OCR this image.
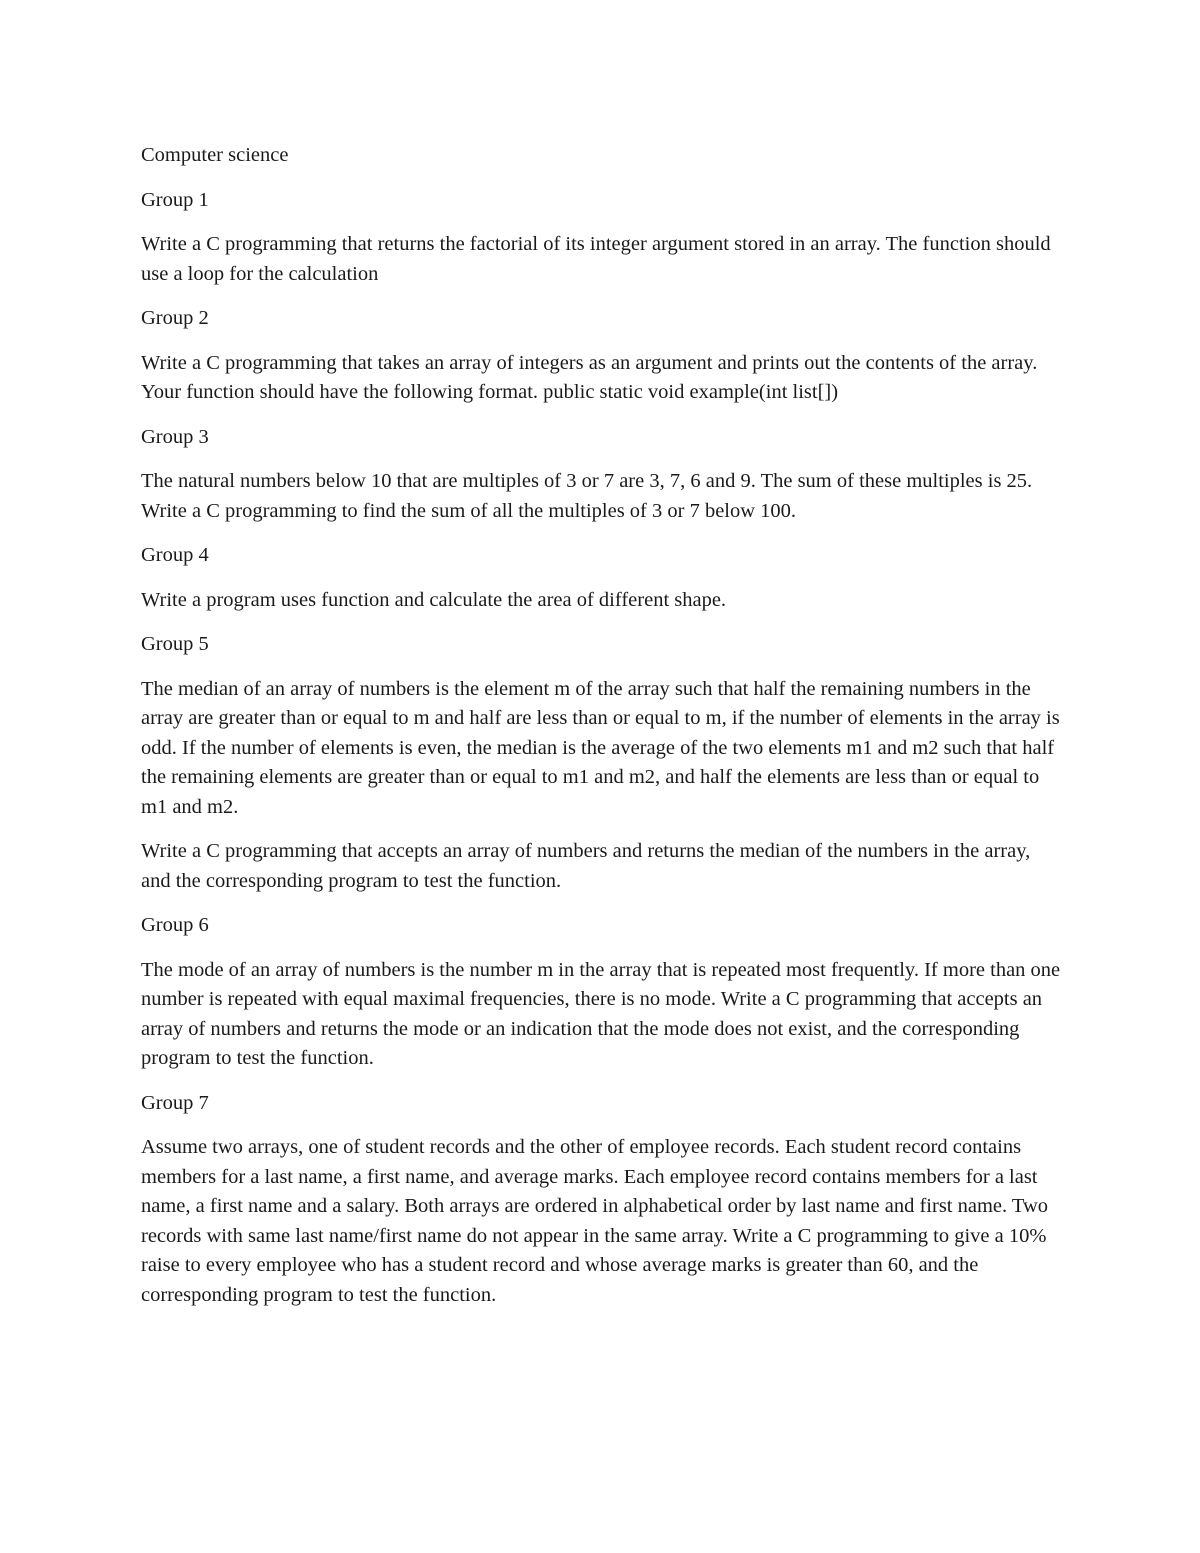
Computer science

Group 1

Write a C programming that returns the factorial of its integer argument stored in an array. The function should use a loop for the calculation

Group 2

Write a C programming that takes an array of integers as an argument and prints out the contents of the array. Your function should have the following format. public static void example(int list[])

Group 3

The natural numbers below 10 that are multiples of 3 or 7 are 3, 7, 6 and 9. The sum of these multiples is 25. Write a C programming to find the sum of all the multiples of 3 or 7 below 100.

Group 4

Write a program uses function and calculate the area of different shape.

Group 5

The median of an array of numbers is the element m of the array such that half the remaining numbers in the array are greater than or equal to m and half are less than or equal to m, if the number of elements in the array is odd. If the number of elements is even, the median is the average of the two elements m1 and m2 such that half the remaining elements are greater than or equal to m1 and m2, and half the elements are less than or equal to m1 and m2.

Write a C programming that accepts an array of numbers and returns the median of the numbers in the array, and the corresponding program to test the function.

Group 6

The mode of an array of numbers is the number m in the array that is repeated most frequently. If more than one number is repeated with equal maximal frequencies, there is no mode. Write a C programming that accepts an array of numbers and returns the mode or an indication that the mode does not exist, and the corresponding program to test the function.

Group 7

Assume two arrays, one of student records and the other of employee records. Each student record contains members for a last name, a first name, and average marks. Each employee record contains members for a last name, a first name and a salary. Both arrays are ordered in alphabetical order by last name and first name. Two records with same last name/first name do not appear in the same array. Write a C programming to give a 10% raise to every employee who has a student record and whose average marks is greater than 60, and the corresponding program to test the function.
